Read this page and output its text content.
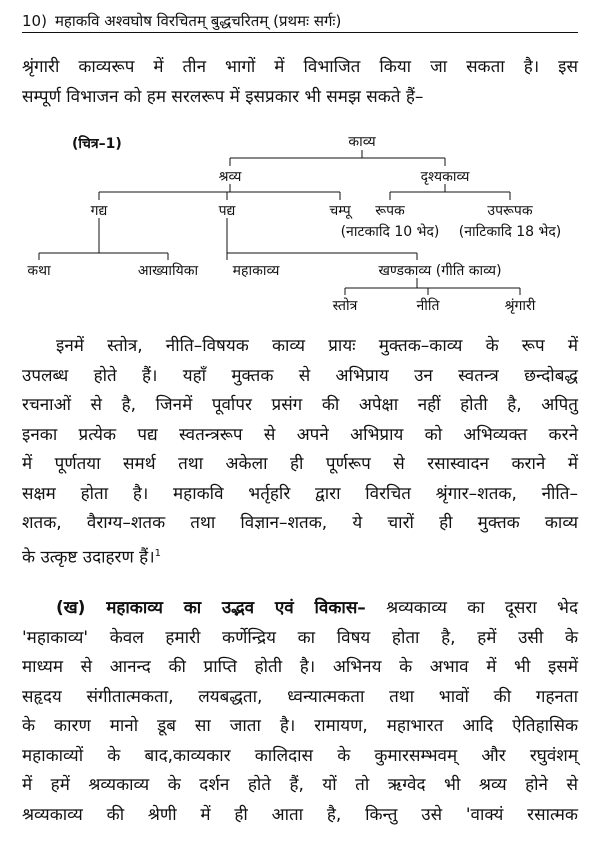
10) महाकवि अश्वघोष विरचितम् बुद्धचरितम् (प्रथमः सर्गः)
श्रृंगारी काव्यरूप में तीन भागों में विभाजित किया जा सकता है। इस
सम्पूर्ण विभाजन को हम सरलरूप में इसप्रकार भी समझ सकते हैं–
(चित्र–1)	काव्य
श्रव्य	दृश्यकाव्य
गद्य	पद्य	चम्पू रूपक	उपरूपक
(नाटकादि 10 भेद) (नाटिकादि 18 भेद)
कथा	आख्यायिका महाकाव्य	खण्डकाव्य (गीति काव्य)
स्तोत्र	नीति	श्रृंगारी
इनमें स्तोत्र, नीति–विषयक काव्य प्रायः मुक्तक–काव्य के रूप में
उपलब्ध होते हैं। यहाँ मुक्तक से अभिप्राय उन स्वतन्त्र छन्दोबद्ध
रचनाओं से है, जिनमें पूर्वापर प्रसंग की अपेक्षा नहीं होती है, अपितु
इनका प्रत्येक पद्य स्वतन्त्ररूप से अपने अभिप्राय को अभिव्यक्त करने
में पूर्णतया समर्थ तथा अकेला ही पूर्णरूप से रसास्वादन कराने में
सक्षम होता है। महाकवि भर्तृहरि द्वारा विरचित श्रृंगार–शतक, नीति–
शतक, वैराग्य–शतक तथा विज्ञान–शतक, ये चारों ही मुक्तक काव्य
के उत्कृष्ट उदाहरण हैं।$^1$
(ख) महाकाव्य का उद्भव एवं विकास– श्रव्यकाव्य का दूसरा भेद
'महाकाव्य' केवल हमारी कर्णेन्द्रिय का विषय होता है, हमें उसी के
माध्यम से आनन्द की प्राप्ति होती है। अभिनय के अभाव में भी इसमें
सहृदय संगीतात्मकता, लयबद्धता, ध्वन्यात्मकता तथा भावों की गहनता
के कारण मानो डूब सा जाता है। रामायण, महाभारत आदि ऐतिहासिक
महाकाव्यों के बाद,काव्यकार कालिदास के कुमारसम्भवम् और रघुवंशम्
में हमें श्रव्यकाव्य के दर्शन होते हैं, यों तो ऋग्वेद भी श्रव्य होने से
श्रव्यकाव्य की श्रेणी में ही आता है, किन्तु उसे 'वाक्यं रसात्मक
